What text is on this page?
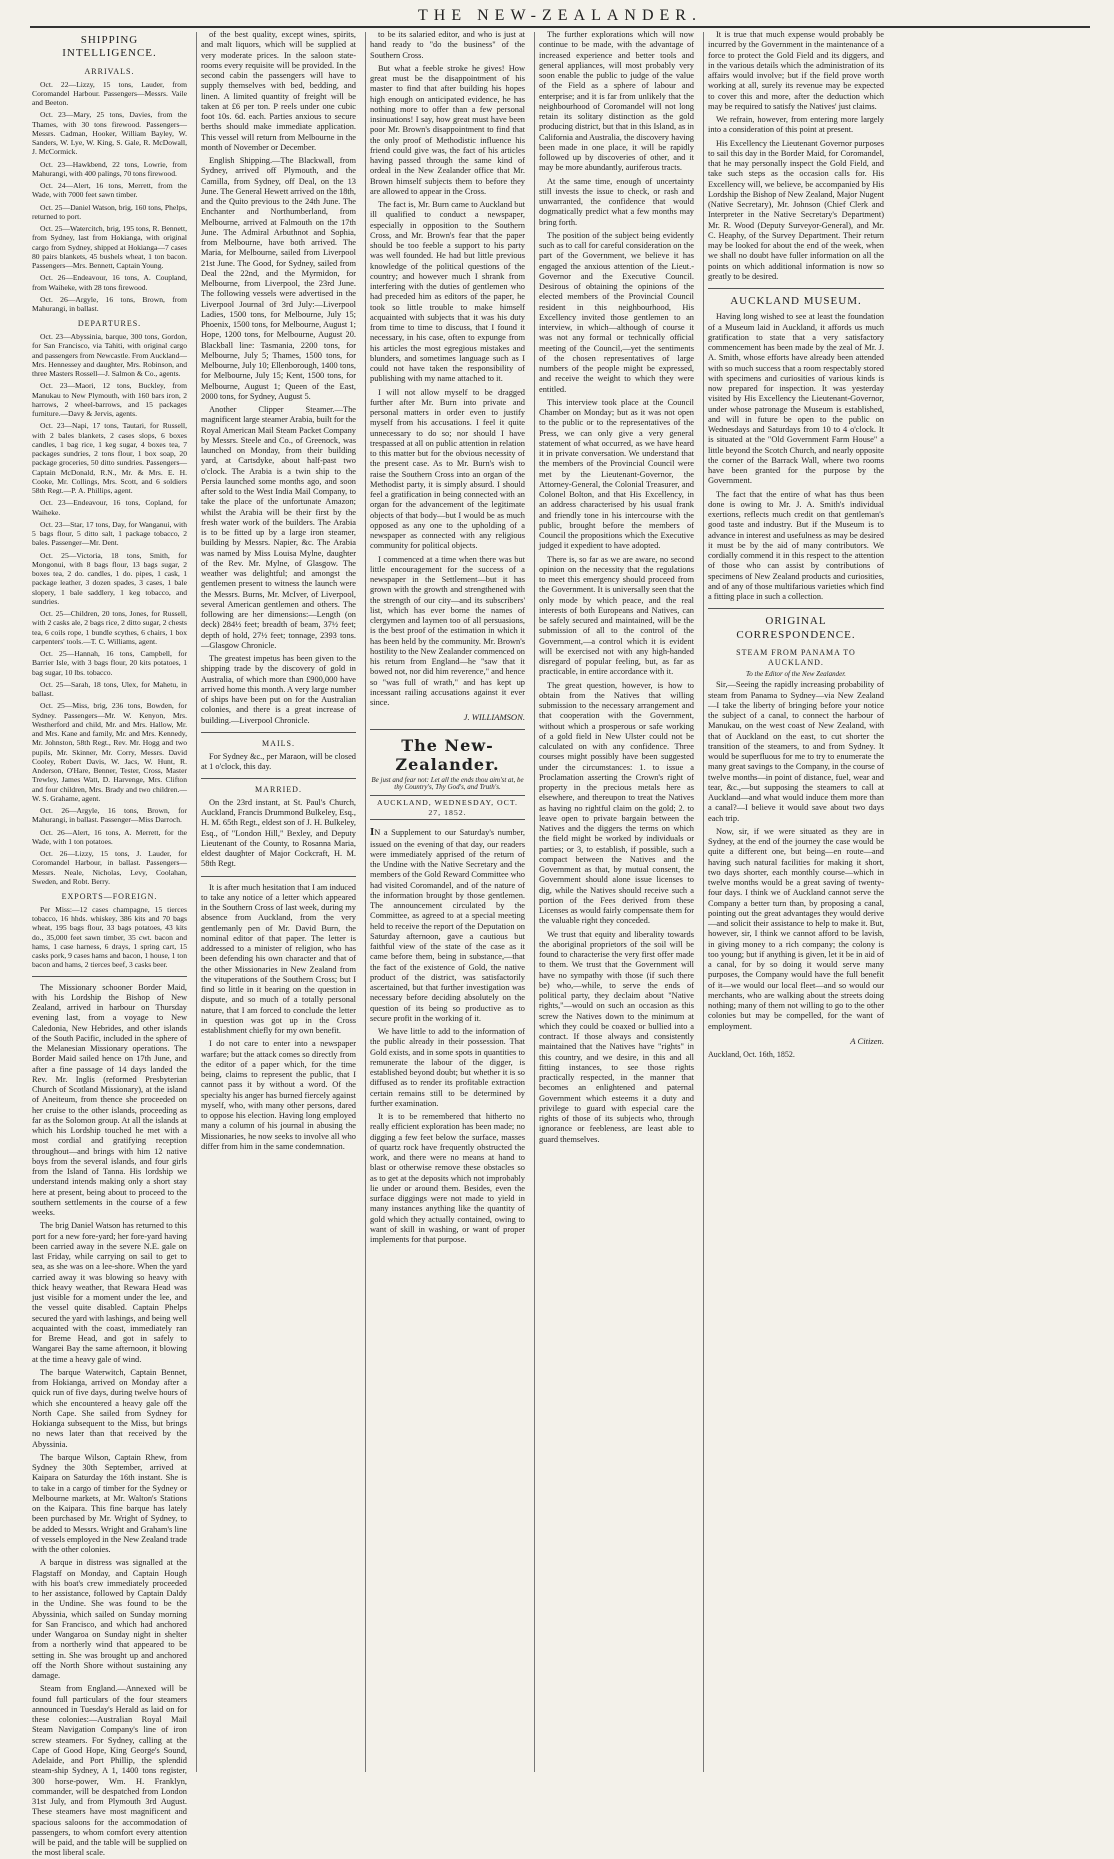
THE NEW-ZEALANDER.
SHIPPING INTELLIGENCE.
ARRIVALS.

Oct. 22—Lizzy, 15 tons, Lauder, from Coromandel Harbour. Passengers—Messrs. Vaile and Beeton.

Oct. 23—Mary, 25 tons, Davies, from the Thames, with 30 tons firewood. Passengers—Messrs. Cadman, Hooker, William Bayley, W. Sanders, W. Lye, W. King, S. Gale, R. McDowall, J. McCormick.

Oct. 23—Hawkbend, 22 tons, Lowrie, from Mahurangi, with 400 palings, 70 tons firewood.

Oct. 24—Alert, 16 tons, Merrett, from the Wade, with 7000 feet sawn timber.

Oct. 25—Daniel Watson, brig, 160 tons, Phelps, returned to port.

Oct. 25—Watercitch, brig, 195 tons, R. Bennett, from Sydney, last from Hokianga, with original cargo from Sydney, shipped at Hokianga—7 cases 80 pairs blankets, 45 bushels wheat, 1 ton bacon. Passengers—Mrs. Bennett, Captain Young.

Oct. 26—Endeavour, 16 tons, A. Coupland, from Waiheke, with 28 tons firewood.

Oct. 26—Argyle, 16 tons, Brown, from Mahurangi, in ballast.

DEPARTURES.

Oct. 23—Abyssinia, barque, 300 tons, Gordon, for San Francisco, via Tahiti, with original cargo and passengers from Newcastle. From Auckland—Mrs. Hennessey and daughter, Mrs. Robinson, and three Masters Rossell—J. Salmon & Co., agents.

Oct. 23—Maori, 12 tons, Buckley, from Manukau to New Plymouth, with 160 bars iron, 2 harrows, 2 wheel-barrows, and 15 packages furniture.—Davy & Jervis, agents.

Oct. 23—Napi, 17 tons, Tautari, for Russell, with 2 bales blankets, 2 cases slops, 6 boxes candles, 1 bag rice, 1 keg sugar, 4 boxes tea, 7 packages sundries, 2 tons flour, 1 box soap, 20 package groceries, 50 ditto sundries. Passengers—Captain McDonald, R.N., Mr. & Mrs. E. H. Cooke, Mr. Collings, Mrs. Scott, and 6 soldiers 58th Regt.—P. A. Phillips, agent.

Oct. 23—Endeavour, 16 tons, Copland, for Waiheke.

Oct. 23—Star, 17 tons, Day, for Wanganui, with 5 bags flour, 5 ditto salt, 1 package tobacco, 2 bales. Passenger—Mr. Dent.

Oct. 25—Victoria, 18 tons, Smith, for Mongonui, with 8 bags flour, 13 bags sugar, 2 boxes tea, 2 do. candles, 1 do. pipes, 1 cask, 1 package leather, 3 dozen spades, 3 cases, 1 bale slopery, 1 bale saddlery, 1 keg tobacco, and sundries.

Oct. 25—Children, 20 tons, Jones, for Russell, with 2 casks ale, 2 bags rice, 2 ditto sugar, 2 chests tea, 6 coils rope, 1 bundle scythes, 6 chairs, 1 box carpenters' tools.—T. C. Williams, agent.

Oct. 25—Hannah, 16 tons, Campbell, for Barrier Isle, with 3 bags flour, 20 kits potatoes, 1 bag sugar, 10 lbs. tobacco.

Oct. 25—Sarah, 18 tons, Ulex, for Mahetu, in ballast.

Oct. 25—Miss, brig, 236 tons, Bowden, for Sydney. Passengers—Mr. W. Kenyon, Mrs. Westherford and child, Mr. and Mrs. Hallow, Mr. and Mrs. Kane and family, Mr. and Mrs. Kennedy, Mr. Johnston, 58th Regt., Rev. Mr. Hogg and two pupils, Mr. Skinner, Mr. Corry, Messrs. David Cooley, Robert Davis, W. Jacs, W. Hunt, R. Anderson, O'Hare, Benner, Tester, Cross, Master Trewley, James Watt, D. Harvenge, Mrs. Clifton and four children, Mrs. Brady and two children.—W. S. Grahame, agent.

Oct. 26—Argyle, 16 tons, Brown, for Mahurangi, in ballast. Passenger—Miss Darroch.

Oct. 26—Alert, 16 tons, A. Merrett, for the Wade, with 1 ton potatoes.

Oct. 26—Lizzy, 15 tons, J. Lauder, for Coromandel Harbour, in ballast. Passengers—Messrs. Neale, Nicholas, Levy, Coolahan, Sweden, and Robt. Berry.

EXPORTS—FOREIGN.

Per Miss:—12 cases champagne, 15 tierces tobacco, 16 hhds. whiskey, 386 kits and 70 bags wheat, 195 bags flour, 33 bags potatoes, 43 kits do., 35,000 feet sawn timber, 35 cwt. bacon and hams, 1 case harness, 6 drays, 1 spring cart, 15 casks pork, 9 cases hams and bacon, 1 house, 1 ton bacon and hams, 2 tierces beef, 3 casks beer.

The Missionary schooner Border Maid, with his Lordship the Bishop of New Zealand, arrived in harbour on Thursday evening last, from a voyage to New Caledonia, New Hebrides, and other islands of the South Pacific, included in the sphere of the Melanesian Missionary operations. The Border Maid sailed hence on 17th June, and after a fine passage of 14 days landed the Rev. Mr. Inglis (reformed Presbyterian Church of Scotland Missionary), at the island of Aneiteum, from thence she proceeded on her cruise to the other islands, proceeding as far as the Solomon group. At all the islands at which his Lordship touched he met with a most cordial and gratifying reception throughout—and brings with him 12 native boys from the several islands, and four girls from the Island of Tanna. His lordship we understand intends making only a short stay here at present, being about to proceed to the southern settlements in the course of a few weeks.

The brig Daniel Watson has returned to this port for a new fore-yard; her fore-yard having been carried away in the severe N.E. gale on last Friday, while carrying on sail to get to sea, as she was on a lee-shore. When the yard carried away it was blowing so heavy with thick heavy weather, that Rewara Head was just visible for a moment under the lee, and the vessel quite disabled. Captain Phelps secured the yard with lashings, and being well acquainted with the coast, immediately ran for Breme Head, and got in safely to Wangarei Bay the same afternoon, it blowing at the time a heavy gale of wind.

The barque Waterwitch, Captain Bennet, from Hokianga, arrived on Monday after a quick run of five days, during twelve hours of which she encountered a heavy gale off the North Cape. She sailed from Sydney for Hokianga subsequent to the Miss, but brings no news later than that received by the Abyssinia.

The barque Wilson, Captain Rhew, from Sydney the 30th September, arrived at Kaipara on Saturday the 16th instant. She is to take in a cargo of timber for the Sydney or Melbourne markets, at Mr. Walton's Stations on the Kaipara. This fine barque has lately been purchased by Mr. Wright of Sydney, to be added to Messrs. Wright and Graham's line of vessels employed in the New Zealand trade with the other colonies.

A barque in distress was signalled at the Flagstaff on Monday, and Captain Hough with his boat's crew immediately proceeded to her assistance, followed by Captain Daldy in the Undine. She was found to be the Abyssinia, which sailed on Sunday morning for San Francisco, and which had anchored under Wangaroa on Sunday night in shelter from a northerly wind that appeared to be setting in. She was brought up and anchored off the North Shore without sustaining any damage.

Steam from England.—Annexed will be found full particulars of the four steamers announced in Tuesday's Herald as laid on for these colonies:—Australian Royal Mail Steam Navigation Company's line of iron screw steamers. For Sydney, calling at the Cape of Good Hope, King George's Sound, Adelaide, and Port Phillip, the splendid steam-ship Sydney, A 1, 1400 tons register, 300 horse-power, Wm. H. Franklyn, commander, will be despatched from London 31st July, and from Plymouth 3rd August. These steamers have most magnificent and spacious saloons for the accommodation of passengers, to whom comfort every attention will be paid, and the table will be supplied on the most liberal scale.

of the best quality, except wines, spirits, and malt liquors, which will be supplied at very moderate prices. In the saloon state-rooms every requisite will be provided. In the second cabin the passengers will have to supply themselves with bed, bedding, and linen. A limited quantity of freight will be taken at £6 per ton. P reels under one cubic foot 10s. 6d. each. Parties anxious to secure berths should make immediate application. This vessel will return from Melbourne in the month of November or December.

English Shipping.—The Blackwall, from Sydney, arrived off Plymouth, and the Camilla, from Sydney, off Deal, on the 13 June. The General Hewett arrived on the 18th, and the Quito previous to the 24th June. The Enchanter and Northumberland, from Melbourne, arrived at Falmouth on the 17th June. The Admiral Arbuthnot and Sophia, from Melbourne, have both arrived. The Maria, for Melbourne, sailed from Liverpool 21st June. The Good, for Sydney, sailed from Deal the 22nd, and the Myrmidon, for Melbourne, from Liverpool, the 23rd June. The following vessels were advertised in the Liverpool Journal of 3rd July:—Liverpool Ladies, 1500 tons, for Melbourne, July 15; Phoenix, 1500 tons, for Melbourne, August 1; Hope, 1200 tons, for Melbourne, August 20. Blackball line: Tasmania, 2200 tons, for Melbourne, July 5; Thames, 1500 tons, for Melbourne, July 10; Ellenborough, 1400 tons, for Melbourne, July 15; Kent, 1500 tons, for Melbourne, August 1; Queen of the East, 2000 tons, for Sydney, August 5.

Another Clipper Steamer.—The magnificent large steamer Arabia, built for the Royal American Mail Steam Packet Company by Messrs. Steele and Co., of Greenock, was launched on Monday, from their building yard, at Cartsdyke, about half-past two o'clock. The Arabia is a twin ship to the Persia launched some months ago, and soon after sold to the West India Mail Company, to take the place of the unfortunate Amazon; whilst the Arabia will be their first by the fresh water work of the builders. The Arabia is to be fitted up by a large iron steamer, building by Messrs. Napier, &c. The Arabia was named by Miss Louisa Mylne, daughter of the Rev. Mr. Mylne, of Glasgow. The weather was delightful; and amongst the gentlemen present to witness the launch were the Messrs. Burns, Mr. McIver, of Liverpool, several American gentlemen and others. The following are her dimensions:—Length (on deck) 284½ feet; breadth of beam, 37½ feet; depth of hold, 27½ feet; tonnage, 2393 tons.—Glasgow Chronicle.

The greatest impetus has been given to the shipping trade by the discovery of gold in Australia, of which more than £900,000 have arrived home this month. A very large number of ships have been put on for the Australian colonies, and there is a great increase of building.—Liverpool Chronicle.

MAILS.

For Sydney &c., per Maraon, will be closed at 1 o'clock, this day.

MARRIED.

On the 23rd instant, at St. Paul's Church, Auckland, Francis Drummond Bulkeley, Esq., H. M. 65th Regt., eldest son of J. H. Bulkeley, Esq., of "London Hill," Bexley, and Deputy Lieutenant of the County, to Rosanna Maria, eldest daughter of Major Cockcraft, H. M. 58th Regt.

It is after much hesitation that I am induced to take any notice of a letter which appeared in the Southern Cross of last week, during my absence from Auckland, from the very gentlemanly pen of Mr. David Burn, the nominal editor of that paper. The letter is addressed to a minister of religion, who has been defending his own character and that of the other Missionaries in New Zealand from the vituperations of the Southern Cross; but I find so little in it bearing on the question in dispute, and so much of a totally personal nature, that I am forced to conclude the letter in question was got up in the Cross establishment chiefly for my own benefit.

I do not care to enter into a newspaper warfare; but the attack comes so directly from the editor of a paper which, for the time being, claims to represent the public, that I cannot pass it by without a word. Of the specialty his anger has burned fiercely against myself, who, with many other persons, dared to oppose his election. Having long employed many a column of his journal in abusing the Missionaries, he now seeks to involve all who differ from him in the same condemnation.

to be its salaried editor, and who is just at hand ready to "do the business" of the Southern Cross.

But what a feeble stroke he gives! How great must be the disappointment of his master to find that after building his hopes high enough on anticipated evidence, he has nothing more to offer than a few personal insinuations! I say, how great must have been poor Mr. Brown's disappointment to find that the only proof of Methodistic influence his friend could give was, the fact of his articles having passed through the same kind of ordeal in the New Zealander office that Mr. Brown himself subjects them to before they are allowed to appear in the Cross.

The fact is, Mr. Burn came to Auckland but ill qualified to conduct a newspaper, especially in opposition to the Southern Cross, and Mr. Brown's fear that the paper should be too feeble a support to his party was well founded. He had but little previous knowledge of the political questions of the country; and however much I shrank from interfering with the duties of gentlemen who had preceded him as editors of the paper, he took so little trouble to make himself acquainted with subjects that it was his duty from time to time to discuss, that I found it necessary, in his case, often to expunge from his articles the most egregious mistakes and blunders, and sometimes language such as I could not have taken the responsibility of publishing with my name attached to it.

I will not allow myself to be dragged further after Mr. Burn into private and personal matters in order even to justify myself from his accusations. I feel it quite unnecessary to do so; nor should I have trespassed at all on public attention in relation to this matter but for the obvious necessity of the present case. As to Mr. Burn's wish to raise the Southern Cross into an organ of the Methodist party, it is simply absurd. I should feel a gratification in being connected with an organ for the advancement of the legitimate objects of that body—but I would be as much opposed as any one to the upholding of a newspaper as connected with any religious community for political objects.

I commenced at a time when there was but little encouragement for the success of a newspaper in the Settlement—but it has grown with the growth and strengthened with the strength of our city—and its subscribers' list, which has ever borne the names of clergymen and laymen too of all persuasions, is the best proof of the estimation in which it has been held by the community. Mr. Brown's hostility to the New Zealander commenced on his return from England—he "saw that it bowed not, nor did him reverence," and hence so "was full of wrath," and has kept up incessant railing accusations against it ever since.

J. WILLIAMSON.
The New-Zealander.
Be just and fear not: Let all the ends thou aim'st at, be thy Country's, Thy God's, and Truth's.
AUCKLAND, WEDNESDAY, OCT. 27, 1852.

IN a Supplement to our Saturday's number, issued on the evening of that day, our readers were immediately apprised of the return of the Undine with the Native Secretary and the members of the Gold Reward Committee who had visited Coromandel, and of the nature of the information brought by those gentlemen. The announcement circulated by the Committee, as agreed to at a special meeting held to receive the report of the Deputation on Saturday afternoon, gave a cautious but faithful view of the state of the case as it came before them, being in substance,—that the fact of the existence of Gold, the native product of the district, was satisfactorily ascertained, but that further investigation was necessary before deciding absolutely on the question of its being so productive as to secure profit in the working of it.

We have little to add to the information of the public already in their possession. That Gold exists, and in some spots in quantities to remunerate the labour of the digger, is established beyond doubt; but whether it is so diffused as to render its profitable extraction certain remains still to be determined by further examination.

It is to be remembered that hitherto no really efficient exploration has been made; no digging a few feet below the surface, masses of quartz rock have frequently obstructed the work, and there were no means at hand to blast or otherwise remove these obstacles so as to get at the deposits which not improbably lie under or around them. Besides, even the surface diggings were not made to yield in many instances anything like the quantity of gold which they actually contained, owing to want of skill in washing, or want of proper implements for that purpose.

The further explorations which will now continue to be made, with the advantage of increased experience and better tools and general appliances, will most probably very soon enable the public to judge of the value of the Field as a sphere of labour and enterprise; and it is far from unlikely that the neighbourhood of Coromandel will not long retain its solitary distinction as the gold producing district, but that in this Island, as in California and Australia, the discovery having been made in one place, it will be rapidly followed up by discoveries of other, and it may be more abundantly, auriferous tracts.

At the same time, enough of uncertainty still invests the issue to check, or rash and unwarranted, the confidence that would dogmatically predict what a few months may bring forth.

The position of the subject being evidently such as to call for careful consideration on the part of the Government, we believe it has engaged the anxious attention of the Lieut.-Governor and the Executive Council. Desirous of obtaining the opinions of the elected members of the Provincial Council resident in this neighbourhood, His Excellency invited those gentlemen to an interview, in which—although of course it was not any formal or technically official meeting of the Council,—yet the sentiments of the chosen representatives of large numbers of the people might be expressed, and receive the weight to which they were entitled.

This interview took place at the Council Chamber on Monday; but as it was not open to the public or to the representatives of the Press, we can only give a very general statement of what occurred, as we have heard it in private conversation. We understand that the members of the Provincial Council were met by the Lieutenant-Governor, the Attorney-General, the Colonial Treasurer, and Colonel Bolton, and that His Excellency, in an address characterised by his usual frank and friendly tone in his intercourse with the public, brought before the members of Council the propositions which the Executive judged it expedient to have adopted.

There is, so far as we are aware, no second opinion on the necessity that the regulations to meet this emergency should proceed from the Government. It is universally seen that the only mode by which peace, and the real interests of both Europeans and Natives, can be safely secured and maintained, will be the submission of all to the control of the Government,—a control which it is evident will be exercised not with any high-handed disregard of popular feeling, but, as far as practicable, in entire accordance with it.

The great question, however, is how to obtain from the Natives that willing submission to the necessary arrangement and that cooperation with the Government, without which a prosperous or safe working of a gold field in New Ulster could not be calculated on with any confidence. Three courses might possibly have been suggested under the circumstances: 1. to issue a Proclamation asserting the Crown's right of property in the precious metals here as elsewhere, and thereupon to treat the Natives as having no rightful claim on the gold; 2. to leave open to private bargain between the Natives and the diggers the terms on which the field might be worked by individuals or parties; or 3, to establish, if possible, such a compact between the Natives and the Government as that, by mutual consent, the Government should alone issue licenses to dig, while the Natives should receive such a portion of the Fees derived from these Licenses as would fairly compensate them for the valuable right they conceded.

We trust that equity and liberality towards the aboriginal proprietors of the soil will be found to characterise the very first offer made to them. We trust that the Government will have no sympathy with those (if such there be) who,—while, to serve the ends of political party, they declaim about "Native rights,"—would on such an occasion as this screw the Natives down to the minimum at which they could be coaxed or bullied into a contract. If those always and consistently maintained that the Natives have "rights" in this country, and we desire, in this and all fitting instances, to see those rights practically respected, in the manner that becomes an enlightened and paternal Government which esteems it a duty and privilege to guard with especial care the rights of those of its subjects who, through ignorance or feebleness, are least able to guard themselves.

It is true that much expense would probably be incurred by the Government in the maintenance of a force to protect the Gold Field and its diggers, and in the various details which the administration of its affairs would involve; but if the field prove worth working at all, surely its revenue may be expected to cover this and more, after the deduction which may be required to satisfy the Natives' just claims.

We refrain, however, from entering more largely into a consideration of this point at present.

His Excellency the Lieutenant Governor purposes to sail this day in the Border Maid, for Coromandel, that he may personally inspect the Gold Field, and take such steps as the occasion calls for. His Excellency will, we believe, be accompanied by His Lordship the Bishop of New Zealand, Major Nugent (Native Secretary), Mr. Johnson (Chief Clerk and Interpreter in the Native Secretary's Department) Mr. R. Wood (Deputy Surveyor-General), and Mr. C. Heaphy, of the Survey Department. Their return may be looked for about the end of the week, when we shall no doubt have fuller information on all the points on which additional information is now so greatly to be desired.

AUCKLAND MUSEUM.

Having long wished to see at least the foundation of a Museum laid in Auckland, it affords us much gratification to state that a very satisfactory commencement has been made by the zeal of Mr. J. A. Smith, whose efforts have already been attended with so much success that a room respectably stored with specimens and curiosities of various kinds is now prepared for inspection. It was yesterday visited by His Excellency the Lieutenant-Governor, under whose patronage the Museum is established, and will in future be open to the public on Wednesdays and Saturdays from 10 to 4 o'clock. It is situated at the "Old Government Farm House" a little beyond the Scotch Church, and nearly opposite the corner of the Barrack Wall, where two rooms have been granted for the purpose by the Government.

The fact that the entire of what has thus been done is owing to Mr. J. A. Smith's individual exertions, reflects much credit on that gentleman's good taste and industry. But if the Museum is to advance in interest and usefulness as may be desired it must be by the aid of many contributors. We cordially commend it in this respect to the attention of those who can assist by contributions of specimens of New Zealand products and curiosities, and of any of those multifarious varieties which find a fitting place in such a collection.

ORIGINAL CORRESPONDENCE.
STEAM FROM PANAMA TO AUCKLAND.
To the Editor of the New Zealander.

Sir,—Seeing the rapidly increasing probability of steam from Panama to Sydney—via New Zealand—I take the liberty of bringing before your notice the subject of a canal, to connect the harbour of Manukau, on the west coast of New Zealand, with that of Auckland on the east, to cut shorter the transition of the steamers, to and from Sydney. It would be superfluous for me to try to enumerate the many great savings to the Company, in the course of twelve months—in point of distance, fuel, wear and tear, &c.,—but supposing the steamers to call at Auckland—and what would induce them more than a canal?—I believe it would save about two days each trip.

Now, sir, if we were situated as they are in Sydney, at the end of the journey the case would be quite a different one, but being—en route—and having such natural facilities for making it short, two days shorter, each monthly course—which in twelve months would be a great saving of twenty-four days. I think we of Auckland cannot serve the Company a better turn than, by proposing a canal, pointing out the great advantages they would derive—and solicit their assistance to help to make it. But, however, sir, I think we cannot afford to be lavish, in giving money to a rich company; the colony is too young; but if anything is given, let it be in aid of a canal, for by so doing it would serve many purposes, the Company would have the full benefit of it—we would our local fleet—and so would our merchants, who are walking about the streets doing nothing; many of them not willing to go to the other colonies but may be compelled, for the want of employment.

A Citizen.
Auckland, Oct. 16th, 1852.
